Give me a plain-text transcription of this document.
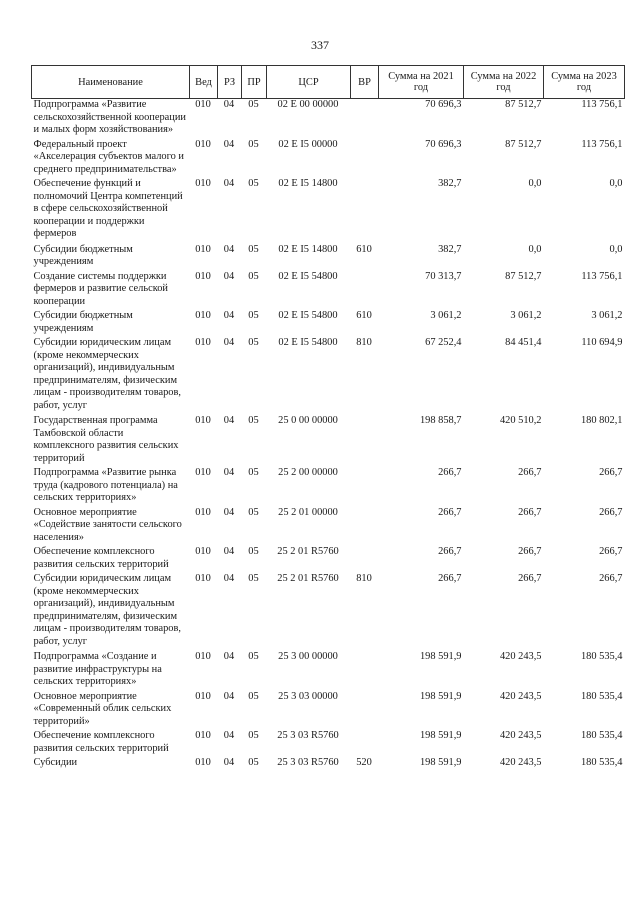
337
Наименование	Вед	РЗ	ПР	ЦСР	ВР	Сумма на 2021 год	Сумма на 2022 год	Сумма на 2023 год
Подпрограмма «Развитие сельскохозяйственной кооперации и малых форм хозяйствования»	010	04	05	02 Е 00 00000		70 696,3	87 512,7	113 756,1
Федеральный проект «Акселерация субъектов малого и среднего предпринимательства»	010	04	05	02 Е I5 00000		70 696,3	87 512,7	113 756,1
Обеспечение функций и полномочий Центра компетенций в сфере сельскохозяйственной кооперации и поддержки фермеров	010	04	05	02 Е I5 14800		382,7	0,0	0,0
Субсидии бюджетным учреждениям	010	04	05	02 Е I5 14800	610	382,7	0,0	0,0
Создание системы поддержки фермеров и развитие сельской кооперации	010	04	05	02 Е I5 54800		70 313,7	87 512,7	113 756,1
Субсидии бюджетным учреждениям	010	04	05	02 Е I5 54800	610	3 061,2	3 061,2	3 061,2
Субсидии юридическим лицам (кроме некоммерческих организаций), индивидуальным предпринимателям, физическим лицам - производителям товаров, работ, услуг	010	04	05	02 Е I5 54800	810	67 252,4	84 451,4	110 694,9
Государственная программа Тамбовской области комплексного развития сельских территорий	010	04	05	25 0 00 00000		198 858,7	420 510,2	180 802,1
Подпрограмма «Развитие рынка труда (кадрового потенциала) на сельских территориях»	010	04	05	25 2 00 00000		266,7	266,7	266,7
Основное мероприятие «Содействие занятости сельского населения»	010	04	05	25 2 01 00000		266,7	266,7	266,7
Обеспечение комплексного развития сельских территорий	010	04	05	25 2 01 R5760		266,7	266,7	266,7
Субсидии юридическим лицам (кроме некоммерческих организаций), индивидуальным предпринимателям, физическим лицам - производителям товаров, работ, услуг	010	04	05	25 2 01 R5760	810	266,7	266,7	266,7
Подпрограмма «Создание и развитие инфраструктуры на сельских территориях»	010	04	05	25 3 00 00000		198 591,9	420 243,5	180 535,4
Основное мероприятие «Современный облик сельских территорий»	010	04	05	25 3 03 00000		198 591,9	420 243,5	180 535,4
Обеспечение комплексного развития сельских территорий	010	04	05	25 3 03 R5760		198 591,9	420 243,5	180 535,4
Субсидии	010	04	05	25 3 03 R5760	520	198 591,9	420 243,5	180 535,4
